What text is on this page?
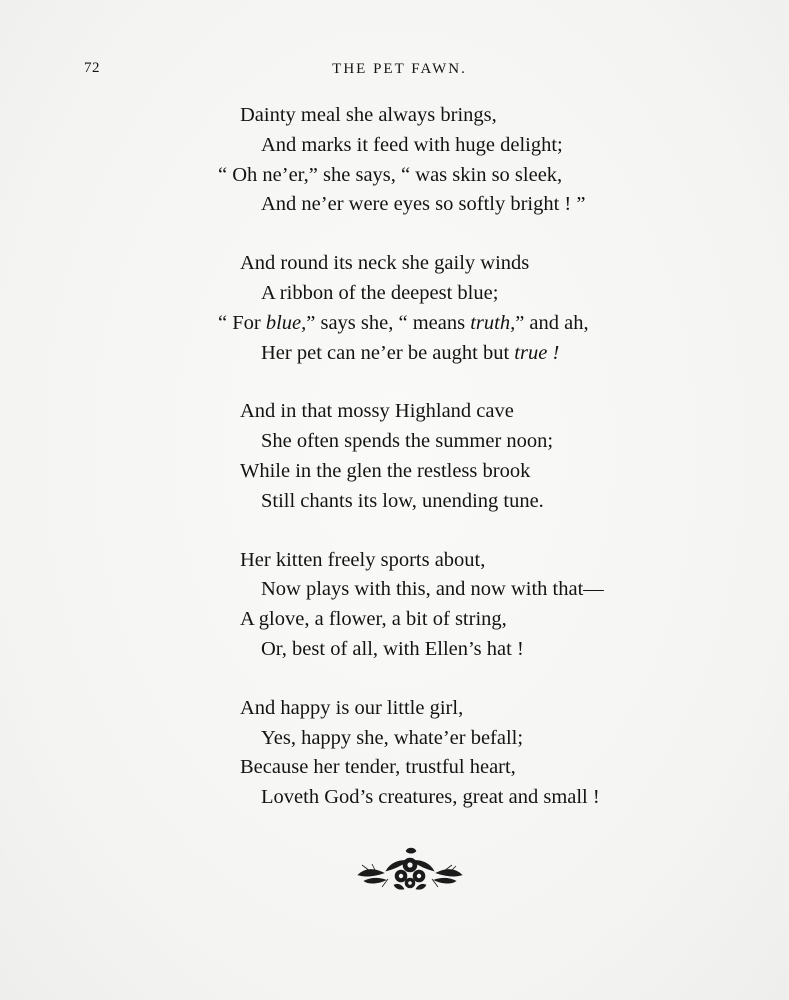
72	THE PET FAWN.
Dainty meal she always brings,
And marks it feed with huge delight;
“ Oh ne’er,” she says, “ was skin so sleek,
And ne’er were eyes so softly bright ! ”
And round its neck she gaily winds
A ribbon of the deepest blue;
“ For blue,” says she, “ means truth,” and ah,
Her pet can ne’er be aught but true !
And in that mossy Highland cave
She often spends the summer noon;
While in the glen the restless brook
Still chants its low, unending tune.
Her kitten freely sports about,
Now plays with this, and now with that—
A glove, a flower, a bit of string,
Or, best of all, with Ellen’s hat !
And happy is our little girl,
Yes, happy she, whate’er befall;
Because her tender, trustful heart,
Loveth God’s creatures, great and small !
